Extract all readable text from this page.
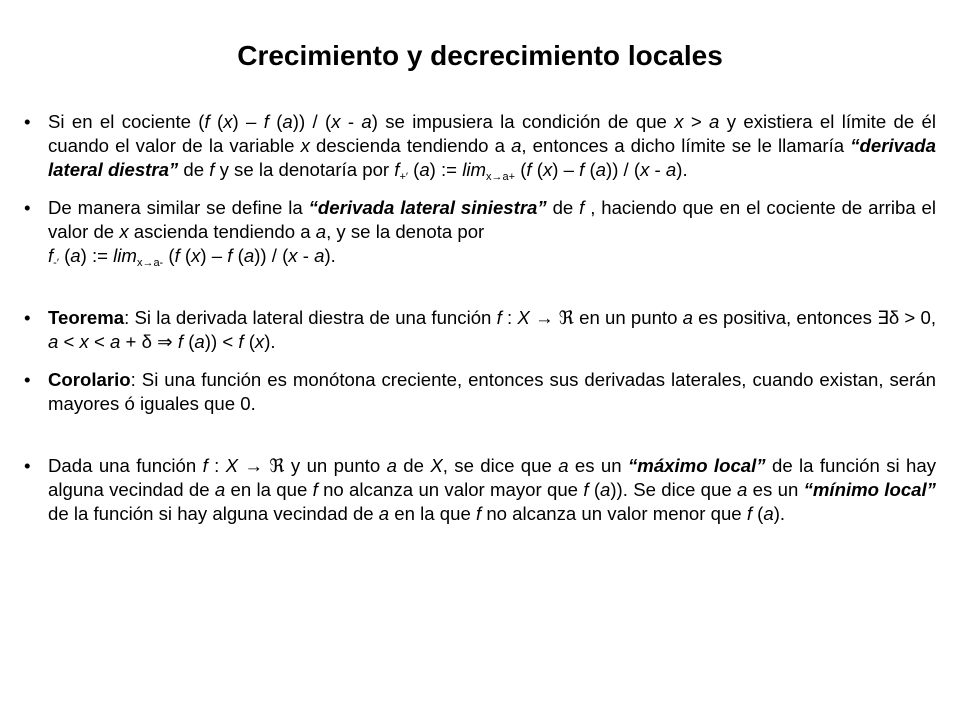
Crecimiento y decrecimiento locales
• Si en el cociente (f (x) – f (a)) / (x - a) se impusiera la condición de que x > a y existiera el límite de él cuando el valor de la variable x descienda tendiendo a a, entonces a dicho límite se le llamaría “derivada lateral diestra” de f y se la denotaría por $f_{+'}$ (a) := $\lim_{x\to a+} (f$ (x) – f (a)) / (x - a).
• De manera similar se define la “derivada lateral siniestra” de f , haciendo que en el cociente de arriba el valor de x ascienda tendiendo a a, y se la denota por
$f_{-'}$ (a) := $\lim_{x\to a-} (f$ (x) – f (a)) / (x - a).
• Teorema: Si la derivada lateral diestra de una función f : X → ℜ en un punto a es positiva, entonces ∃δ > 0, a < x < a + δ ⇒ f (a)) < f (x).
• Corolario: Si una función es monótona creciente, entonces sus derivadas laterales, cuando existan, serán mayores ó iguales que 0.
• Dada una función f : X → ℜ y un punto a de X, se dice que a es un “máximo local” de la función si hay alguna vecindad de a en la que f no alcanza un valor mayor que f (a)). Se dice que a es un “mínimo local” de la función si hay alguna vecindad de a en la que f no alcanza un valor menor que f (a).
